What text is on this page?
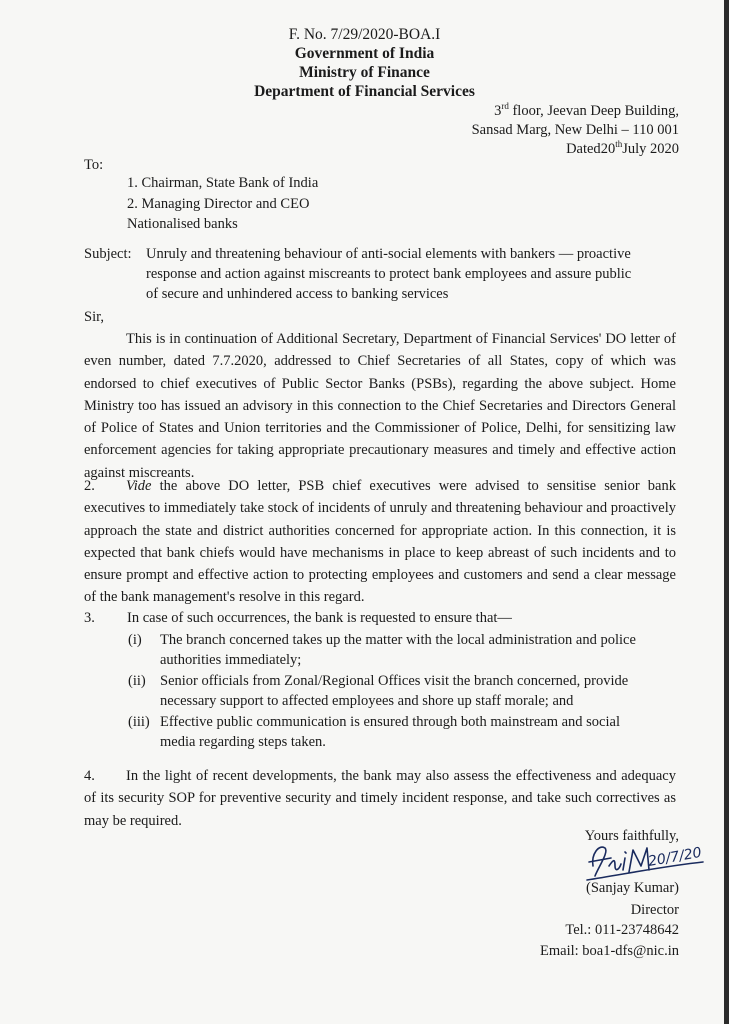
F. No. 7/29/2020-BOA.I

Government of India

Ministry of Finance

Department of Financial Services

3rd floor, Jeevan Deep Building,

Sansad Marg, New Delhi – 110 001

Dated20thJuly 2020

To:

1. Chairman, State Bank of India

2. Managing Director and CEO

Nationalised banks

Subject: Unruly and threatening behaviour of anti-social elements with bankers — proactive

response and action against miscreants to protect bank employees and assure public

of secure and unhindered access to banking services

Sir,

This is in continuation of Additional Secretary, Department of Financial Services' DO letter of even number, dated 7.7.2020, addressed to Chief Secretaries of all States, copy of which was endorsed to chief executives of Public Sector Banks (PSBs), regarding the above subject. Home Ministry too has issued an advisory in this connection to the Chief Secretaries and Directors General of Police of States and Union territories and the Commissioner of Police, Delhi, for sensitizing law enforcement agencies for taking appropriate precautionary measures and timely and effective action against miscreants.

2. Vide the above DO letter, PSB chief executives were advised to sensitise senior bank executives to immediately take stock of incidents of unruly and threatening behaviour and proactively approach the state and district authorities concerned for appropriate action. In this connection, it is expected that bank chiefs would have mechanisms in place to keep abreast of such incidents and to ensure prompt and effective action to protecting employees and customers and send a clear message of the bank management's resolve in this regard.

3. In case of such occurrences, the bank is requested to ensure that—

(i) The branch concerned takes up the matter with the local administration and police

authorities immediately;

(ii) Senior officials from Zonal/Regional Offices visit the branch concerned, provide

necessary support to affected employees and shore up staff morale; and

(iii) Effective public communication is ensured through both mainstream and social

media regarding steps taken.

4. In the light of recent developments, the bank may also assess the effectiveness and adequacy of its security SOP for preventive security and timely incident response, and take such correctives as may be required.

Yours faithfully,

20/7/20

(Sanjay Kumar)

Director

Tel.: 011-23748642

Email: boa1-dfs@nic.in
